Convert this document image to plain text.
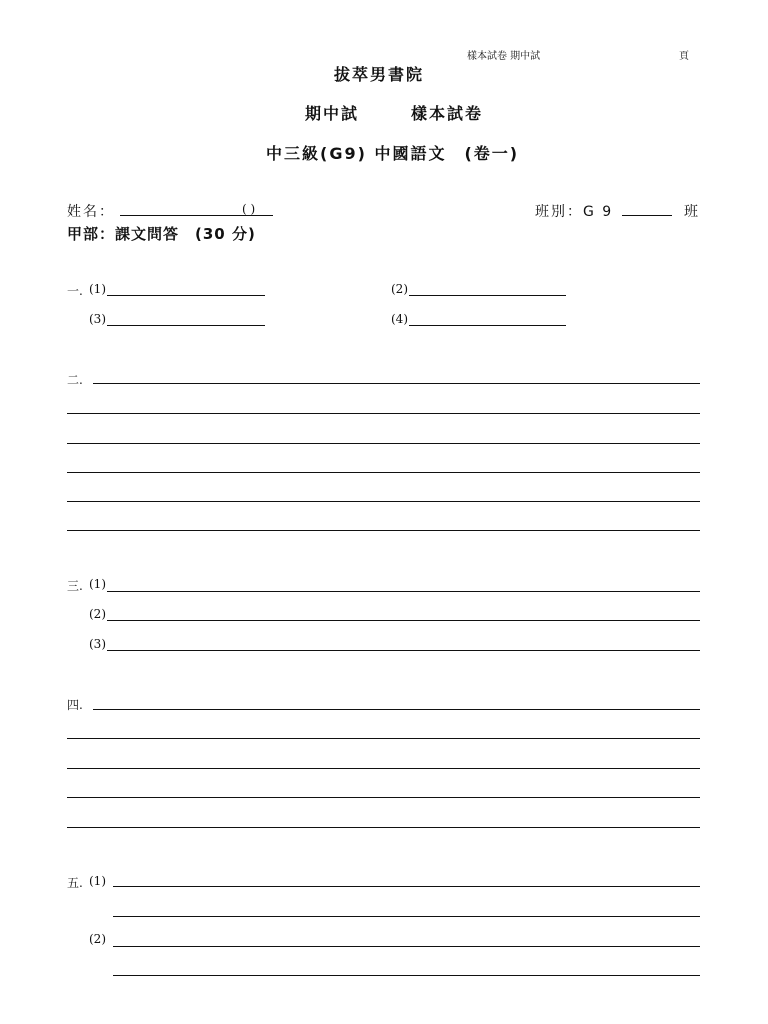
樣本試卷 期中試	頁
拔萃男書院
期中試	樣本試卷
中三級(G9) 中國語文　(卷一)
姓名：	( )	班別：G 9	班
甲部：課文問答　(30 分)
一. (1)	(2)
(3)	(4)
二.
三. (1)
(2)
(3)
四.
五. (1)
(2)
